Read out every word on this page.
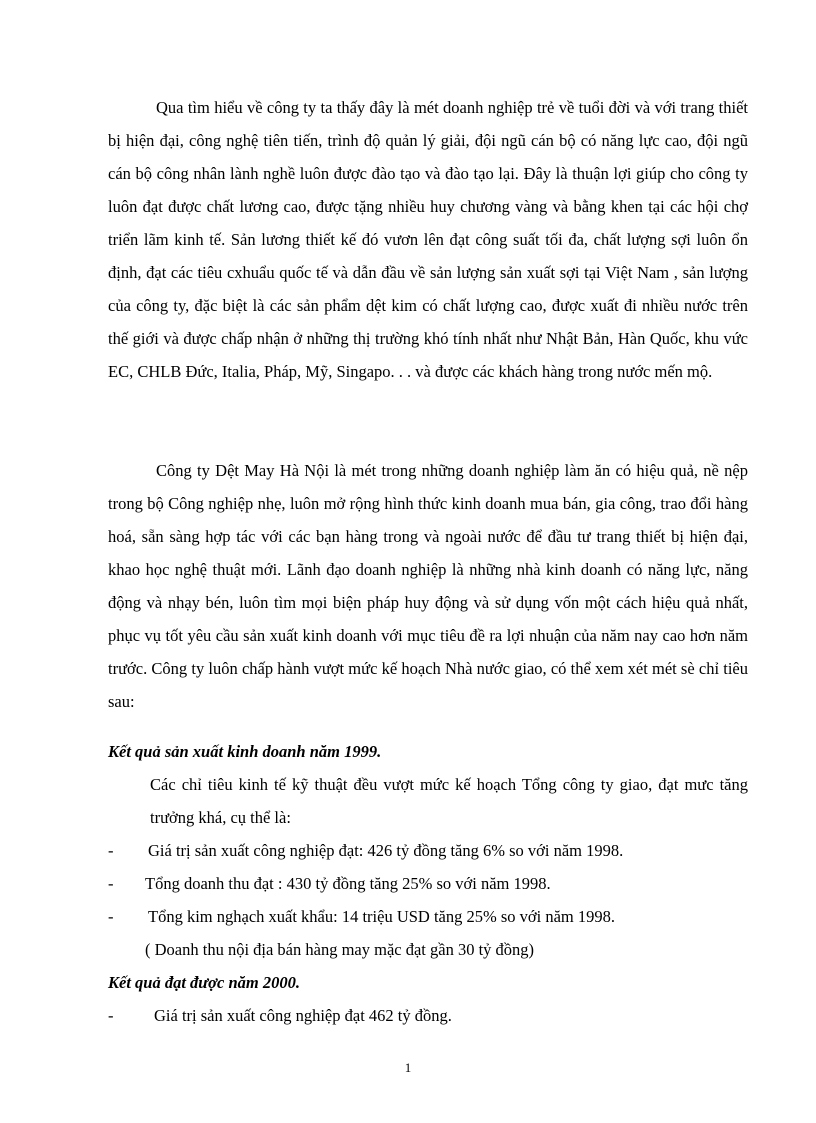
Qua tìm hiểu về công ty ta thấy đây là mét doanh nghiệp trẻ về tuổi đời và với trang thiết bị hiện đại, công nghệ tiên tiến, trình độ quản lý giải, đội ngũ cán bộ có năng lực cao, đội ngũ cán bộ công nhân lành nghề luôn được đào tạo và đào tạo lại. Đây là thuận lợi giúp cho công ty luôn đạt được chất lương cao, được tặng nhiều huy chương vàng và bằng khen tại các hội chợ triển lãm kinh tế. Sản lương thiết kế đó vươn lên đạt công suất tối đa, chất lượng sợi luôn ổn định, đạt các tiêu cxhuẩu quốc tế và dẫn đầu về sản lượng sản xuất sợi tại Việt Nam , sản lượng của công ty, đặc biệt là các sản phẩm dệt kim có chất lượng cao, được xuất đi nhiều nước trên thế giới và được chấp nhận ở những thị trường khó tính nhất như Nhật Bản, Hàn Quốc, khu vức EC, CHLB Đức, Italia, Pháp, Mỹ, Singapo. . . và được các khách hàng trong nước mến mộ.

Công ty Dệt May Hà Nội là mét trong những doanh nghiệp làm ăn có hiệu quả, nề nệp trong bộ Công nghiệp nhẹ, luôn mở rộng hình thức kinh doanh mua bán, gia công, trao đổi hàng hoá, sẵn sàng hợp tác với các bạn hàng trong và ngoài nước để đầu tư trang thiết bị hiện đại, khao học nghệ thuật mới. Lãnh đạo doanh nghiệp là những nhà kinh doanh có năng lực, năng động và nhạy bén, luôn tìm mọi biện pháp huy động và sử dụng vốn một cách hiệu quả nhất, phục vụ tốt yêu cầu sản xuất kinh doanh với mục tiêu đề ra lợi nhuận của năm nay cao hơn năm trước. Công ty luôn chấp hành vượt mức kế hoạch Nhà nước giao, có thể xem xét mét sè chỉ tiêu sau:

Kết quả sản xuất kinh doanh năm 1999.

Các chỉ tiêu kinh tế kỹ thuật đều vượt mức kế hoạch Tổng công ty giao, đạt mưc tăng trưởng khá, cụ thể là:

- Giá trị sản xuất công nghiệp đạt: 426 tỷ đồng tăng 6% so với năm 1998.
- Tổng doanh thu đạt : 430 tỷ đồng tăng 25% so với năm 1998.
- Tổng kim nghạch xuất khẩu: 14 triệu USD tăng 25% so với năm 1998.

( Doanh thu nội địa bán hàng may mặc đạt gần 30 tỷ đồng)

Kết quả đạt được năm 2000.

- Giá trị sản xuất công nghiệp đạt 462 tỷ đồng.
1
